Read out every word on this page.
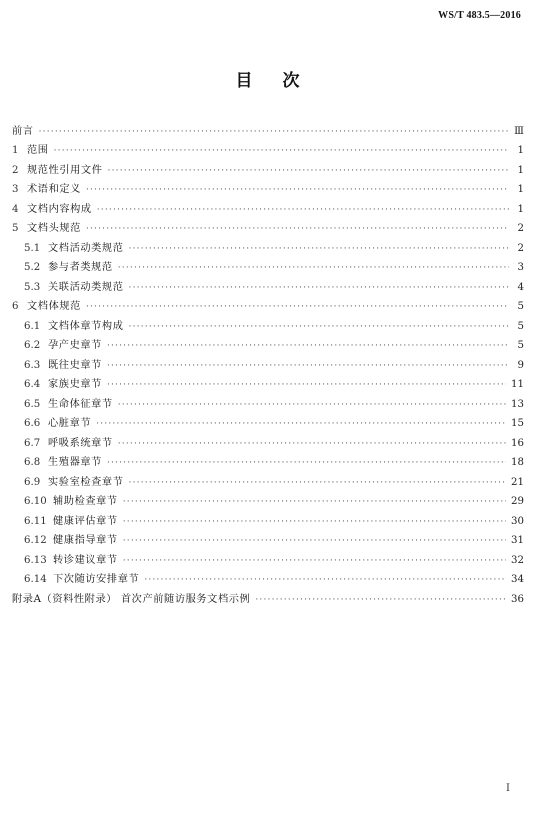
WS/T 483.5—2016
目次
前言 ·····	Ⅲ
1 范围 ·····	1
2 规范性引用文件 ·····	1
3 术语和定义 ·····	1
4 文档内容构成 ·····	1
5 文档头规范 ·····	2
5.1 文档活动类规范 ·····	2
5.2 参与者类规范 ·····	3
5.3 关联活动类规范 ·····	4
6 文档体规范 ·····	5
6.1 文档体章节构成 ·····	5
6.2 孕产史章节 ·····	5
6.3 既往史章节 ·····	9
6.4 家族史章节 ·····	11
6.5 生命体征章节 ·····	13
6.6 心脏章节 ·····	15
6.7 呼吸系统章节 ·····	16
6.8 生殖器章节 ·····	18
6.9 实验室检查章节 ·····	21
6.10 辅助检查章节 ·····	29
6.11 健康评估章节 ·····	30
6.12 健康指导章节 ·····	31
6.13 转诊建议章节 ·····	32
6.14 下次随访安排章节 ·····	34
附录A（资料性附录） 首次产前随访服务文档示例 ·····	36
I
